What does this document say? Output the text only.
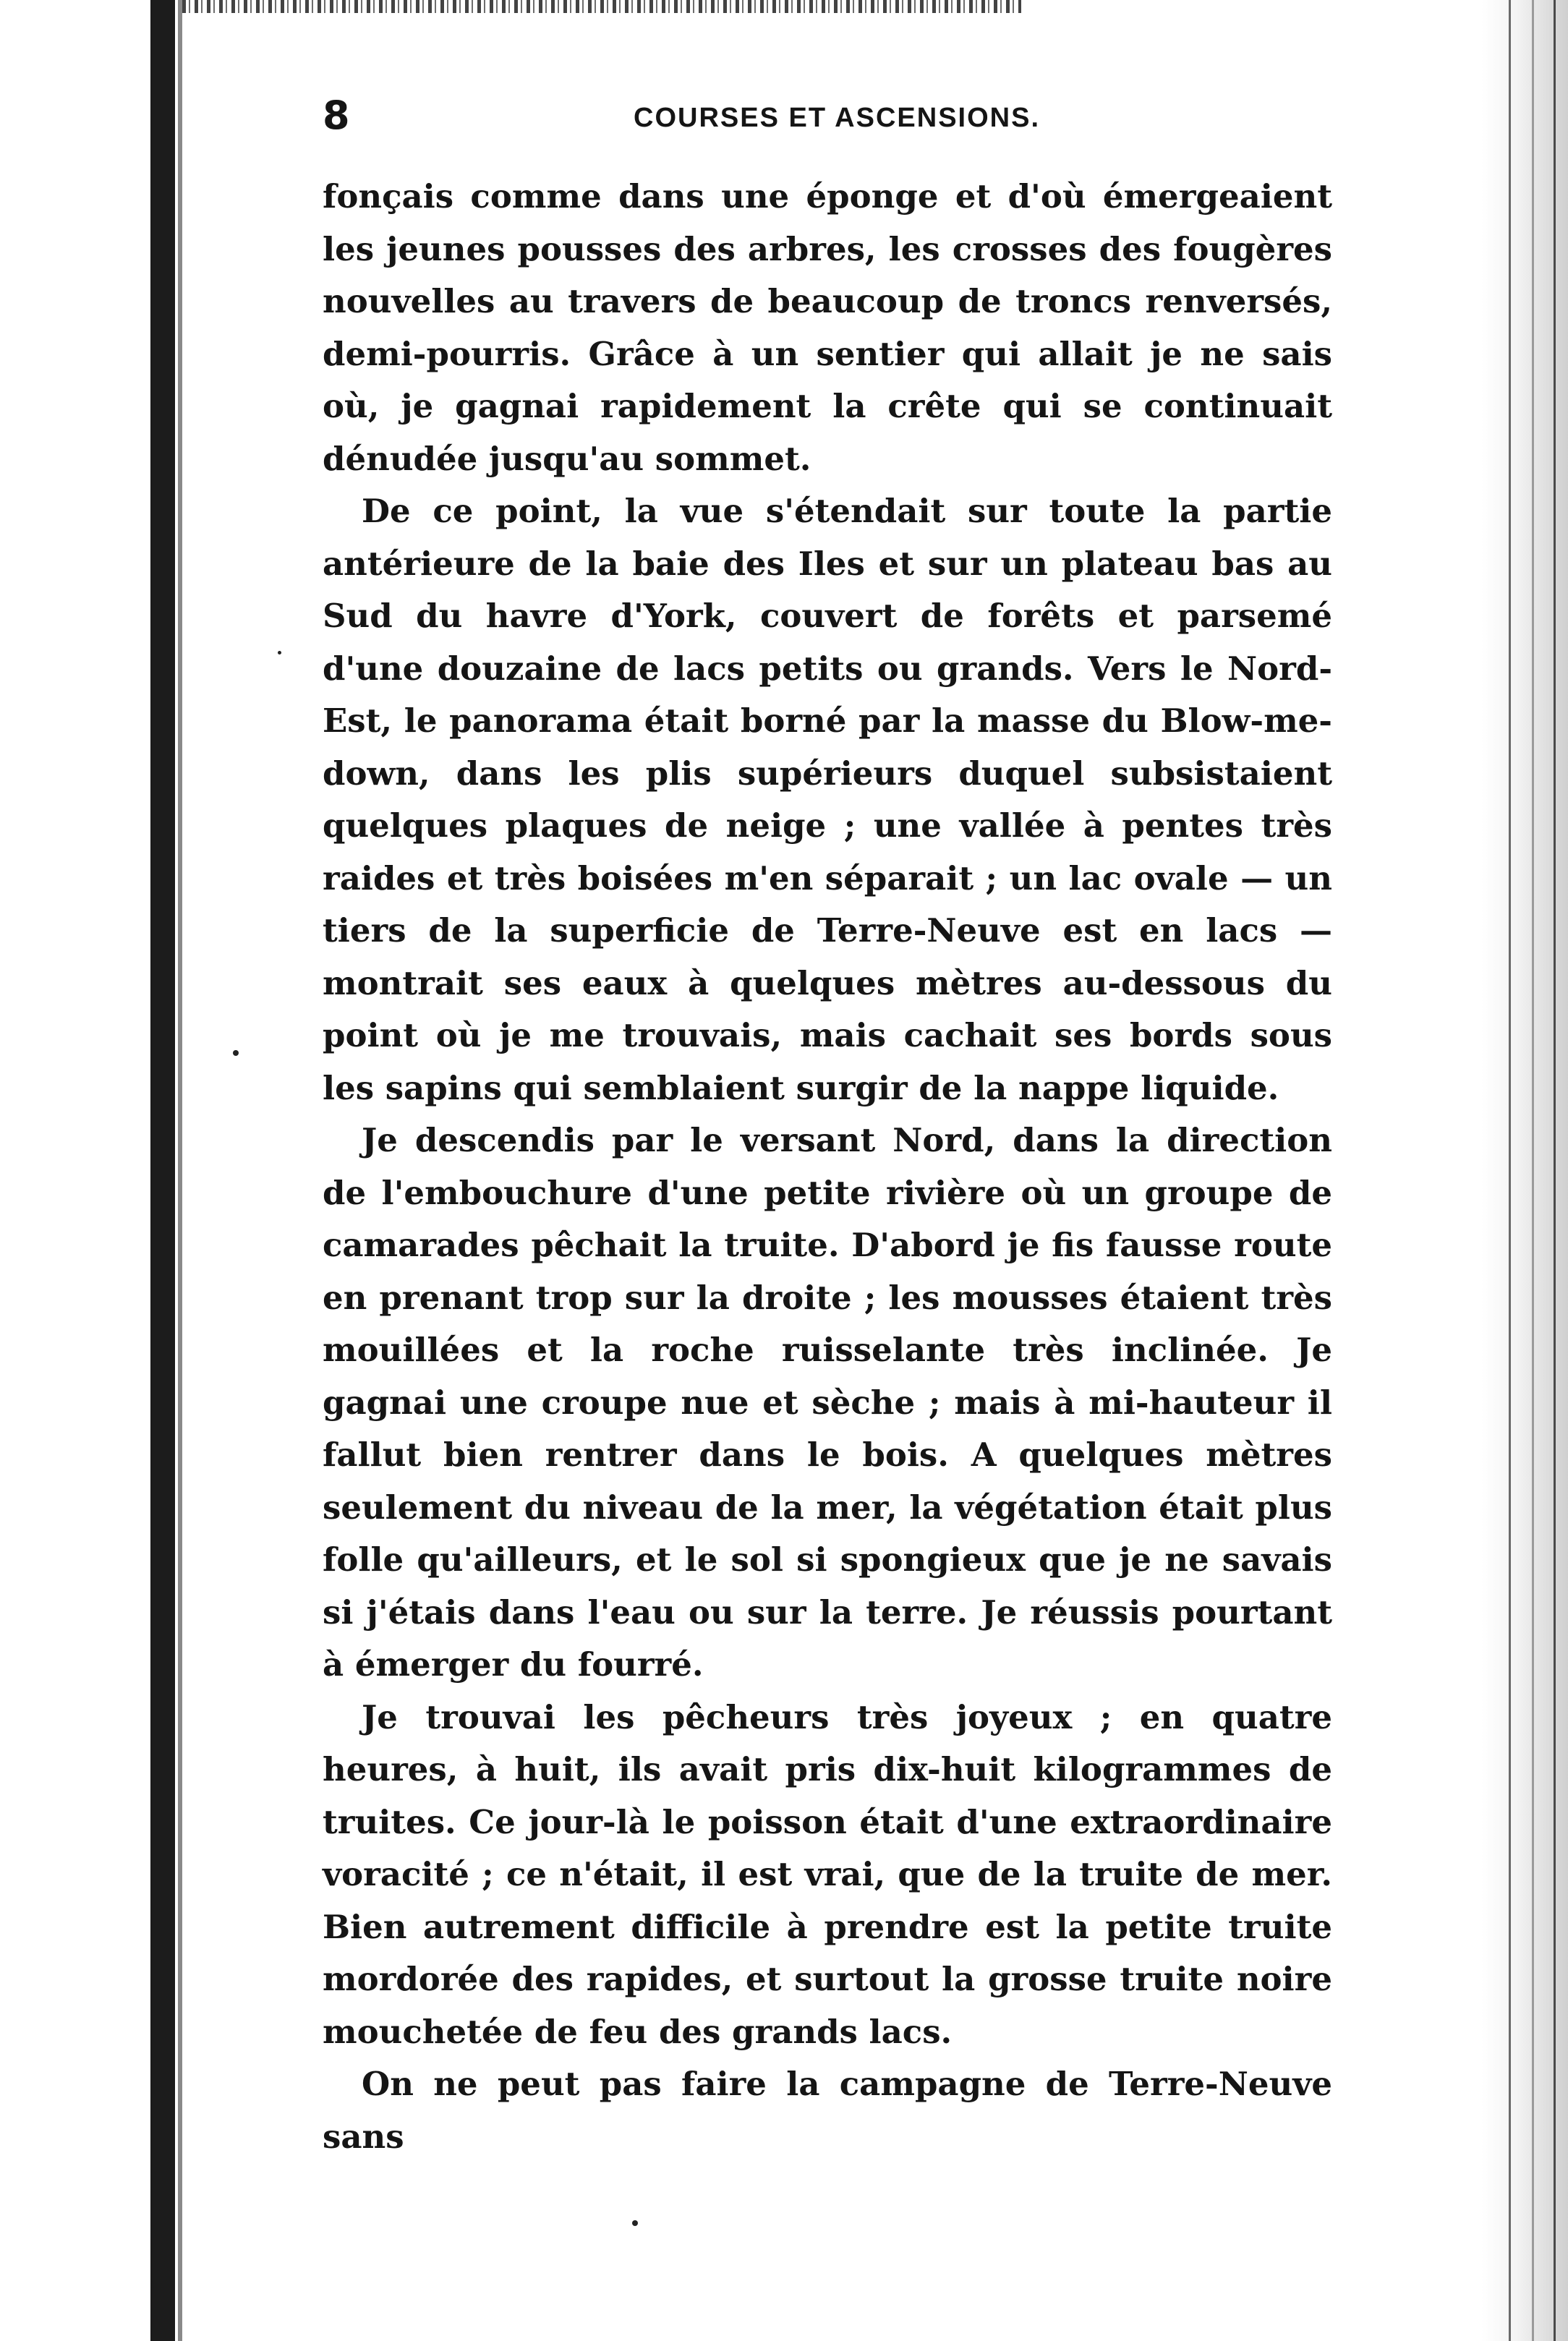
8	COURSES ET ASCENSIONS.

fonçais comme dans une éponge et d'où émergeaient les jeunes pousses des arbres, les crosses des fougères nouvelles au travers de beaucoup de troncs renversés, demi-pourris. Grâce à un sentier qui allait je ne sais où, je gagnai rapidement la crête qui se continuait dénudée jusqu'au sommet.

De ce point, la vue s'étendait sur toute la partie antérieure de la baie des Iles et sur un plateau bas au Sud du havre d'York, couvert de forêts et parsemé d'une douzaine de lacs petits ou grands. Vers le Nord-Est, le panorama était borné par la masse du Blow-me-down, dans les plis supérieurs duquel subsistaient quelques plaques de neige ; une vallée à pentes très raides et très boisées m'en séparait ; un lac ovale — un tiers de la superficie de Terre-Neuve est en lacs — montrait ses eaux à quelques mètres au-dessous du point où je me trouvais, mais cachait ses bords sous les sapins qui semblaient surgir de la nappe liquide.

Je descendis par le versant Nord, dans la direction de l'embouchure d'une petite rivière où un groupe de camarades pêchait la truite. D'abord je fis fausse route en prenant trop sur la droite ; les mousses étaient très mouillées et la roche ruisselante très inclinée. Je gagnai une croupe nue et sèche ; mais à mi-hauteur il fallut bien rentrer dans le bois. A quelques mètres seulement du niveau de la mer, la végétation était plus folle qu'ailleurs, et le sol si spongieux que je ne savais si j'étais dans l'eau ou sur la terre. Je réussis pourtant à émerger du fourré.

Je trouvai les pêcheurs très joyeux ; en quatre heures, à huit, ils avait pris dix-huit kilogrammes de truites. Ce jour-là le poisson était d'une extraordinaire voracité ; ce n'était, il est vrai, que de la truite de mer. Bien autrement difficile à prendre est la petite truite mordorée des rapides, et surtout la grosse truite noire mouchetée de feu des grands lacs.

On ne peut pas faire la campagne de Terre-Neuve sans
